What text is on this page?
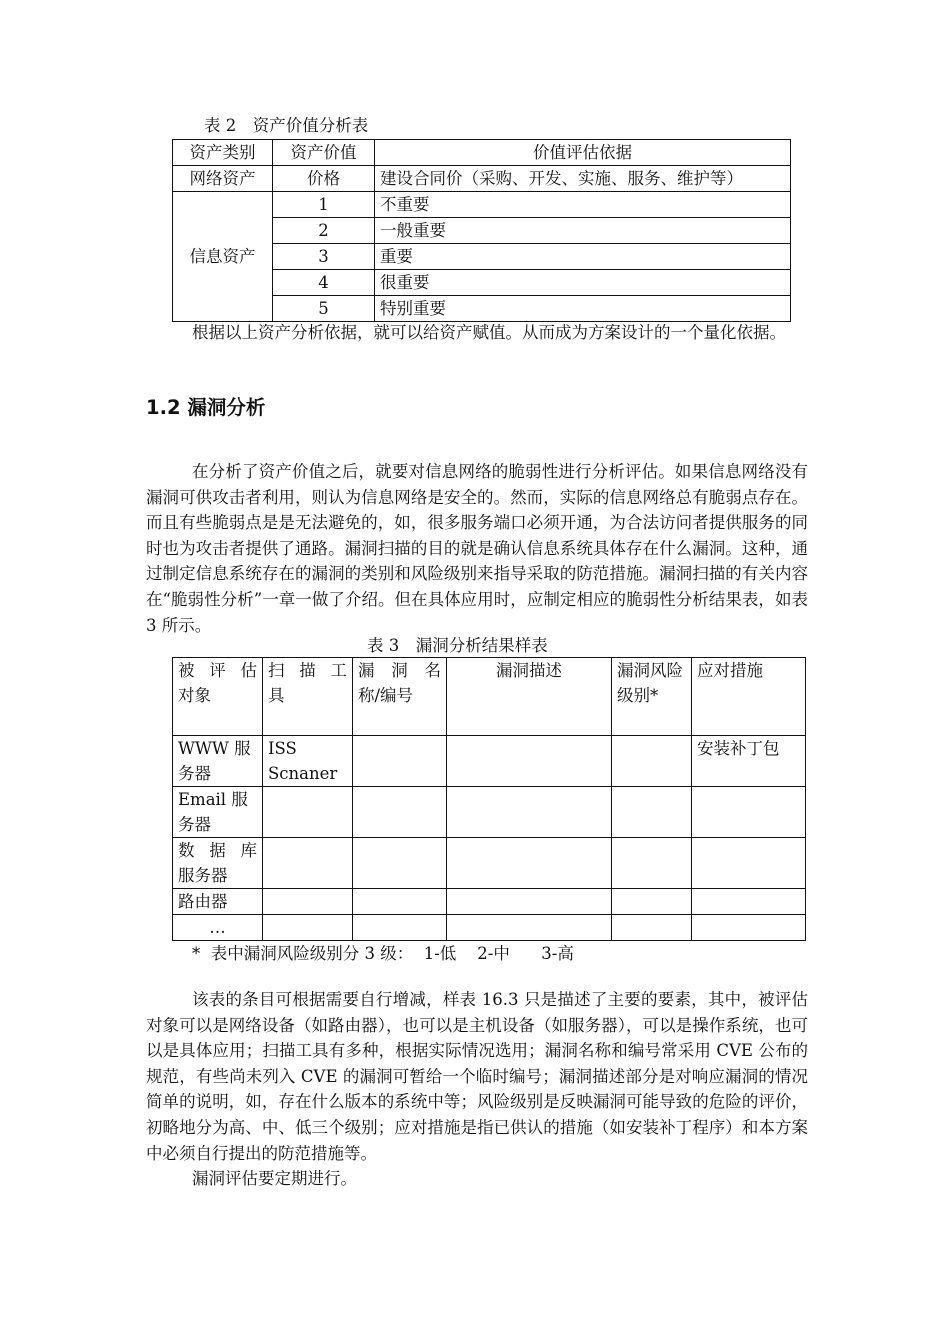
表 2　资产价值分析表
资产类别	资产价值	价值评估依据
网络资产	价格	建设合同价（采购、开发、实施、服务、维护等）
信息资产	1	不重要
	2	一般重要
	3	重要
	4	很重要
	5	特别重要

根据以上资产分析依据，就可以给资产赋值。从而成为方案设计的一个量化依据。

1.2 漏洞分析

在分析了资产价值之后，就要对信息网络的脆弱性进行分析评估。如果信息网络没有漏洞可供攻击者利用，则认为信息网络是安全的。然而，实际的信息网络总有脆弱点存在。而且有些脆弱点是是无法避免的，如，很多服务端口必须开通，为合法访问者提供服务的同时也为攻击者提供了通路。漏洞扫描的目的就是确认信息系统具体存在什么漏洞。这种，通过制定信息系统存在的漏洞的类别和风险级别来指导采取的防范措施。漏洞扫描的有关内容在“脆弱性分析”一章一做了介绍。但在具体应用时，应制定相应的脆弱性分析结果表，如表 3 所示。

表 3　漏洞分析结果样表
被 评 估 对象	扫 描 工 具	漏 洞 名 称/编号	漏洞描述	漏洞风险级别*	应对措施
WWW 服务器	ISS Scnaner				安装补丁包
Email 服务器					
数 据 库 服务器					
路由器					
…					
*  表中漏洞风险级别分 3 级：  1-低    2-中      3-高

该表的条目可根据需要自行增减，样表 16.3 只是描述了主要的要素，其中，被评估对象可以是网络设备（如路由器），也可以是主机设备（如服务器），可以是操作系统，也可以是具体应用；扫描工具有多种，根据实际情况选用；漏洞名称和编号常采用 CVE 公布的规范，有些尚未列入 CVE 的漏洞可暂给一个临时编号；漏洞描述部分是对响应漏洞的情况简单的说明，如，存在什么版本的系统中等；风险级别是反映漏洞可能导致的危险的评价，初略地分为高、中、低三个级别；应对措施是指已供认的措施（如安装补丁程序）和本方案中必须自行提出的防范措施等。

漏洞评估要定期进行。
